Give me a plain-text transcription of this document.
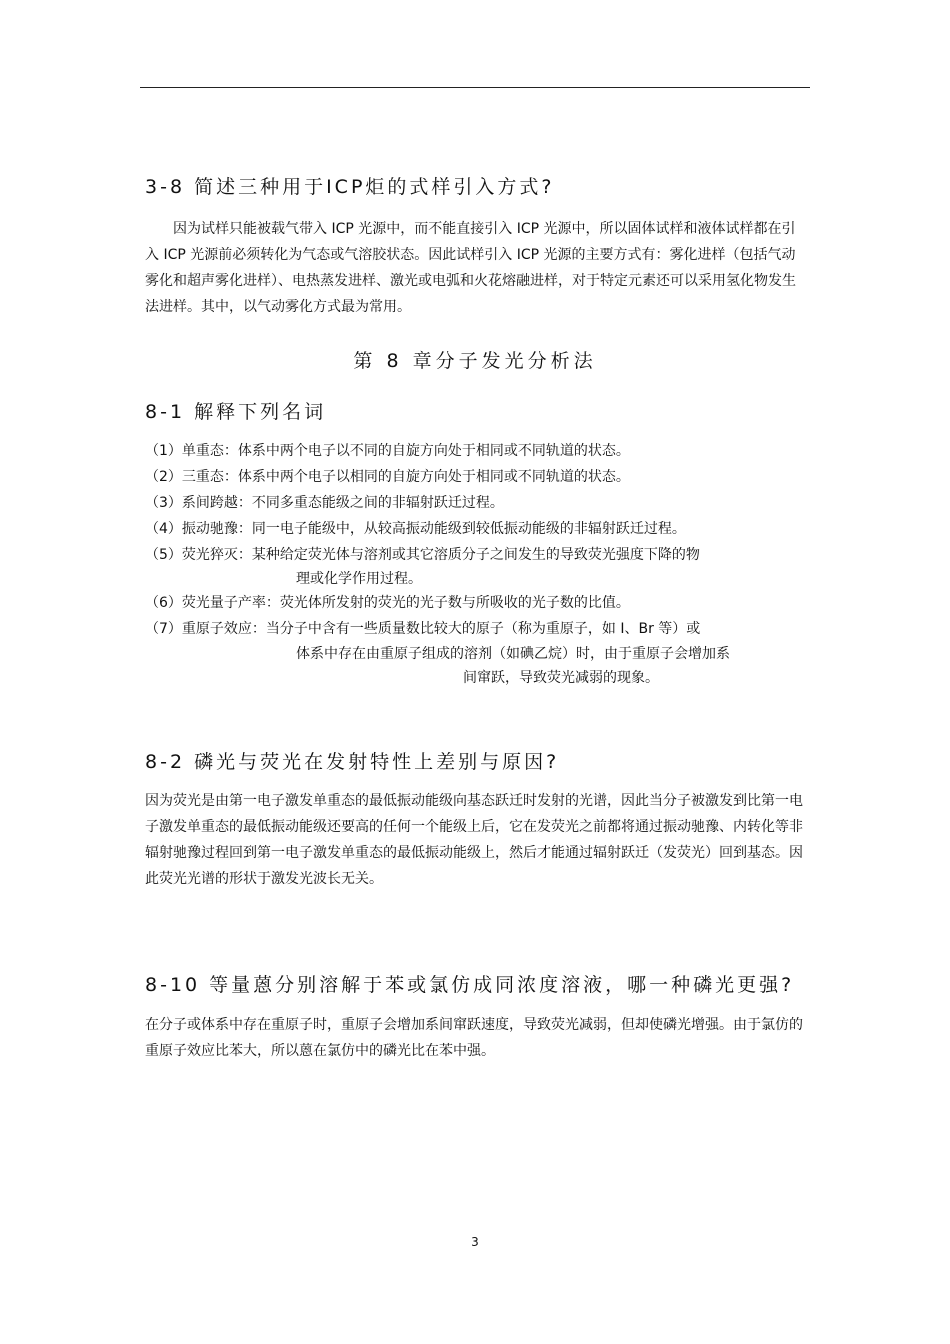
3-8 简述三种用于ICP炬的式样引入方式?
因为试样只能被载气带入 ICP 光源中，而不能直接引入 ICP 光源中，所以固体试样和液体试样都在引入 ICP 光源前必须转化为气态或气溶胶状态。因此试样引入 ICP 光源的主要方式有：雾化进样（包括气动雾化和超声雾化进样）、电热蒸发进样、激光或电弧和火花熔融进样，对于特定元素还可以采用氢化物发生法进样。其中，以气动雾化方式最为常用。
第 8 章分子发光分析法
8-1 解释下列名词
（1）单重态：体系中两个电子以不同的自旋方向处于相同或不同轨道的状态。
（2）三重态：体系中两个电子以相同的自旋方向处于相同或不同轨道的状态。
（3）系间跨越：不同多重态能级之间的非辐射跃迁过程。
（4）振动驰豫：同一电子能级中，从较高振动能级到较低振动能级的非辐射跃迁过程。
（5）荧光猝灭：某种给定荧光体与溶剂或其它溶质分子之间发生的导致荧光强度下降的物
理或化学作用过程。
（6）荧光量子产率：荧光体所发射的荧光的光子数与所吸收的光子数的比值。
（7）重原子效应：当分子中含有一些质量数比较大的原子（称为重原子，如 I、Br 等）或
体系中存在由重原子组成的溶剂（如碘乙烷）时，由于重原子会增加系
间窜跃，导致荧光减弱的现象。
8-2 磷光与荧光在发射特性上差别与原因?
因为荧光是由第一电子激发单重态的最低振动能级向基态跃迁时发射的光谱，因此当分子被激发到比第一电子激发单重态的最低振动能级还要高的任何一个能级上后，它在发荧光之前都将通过振动驰豫、内转化等非辐射驰豫过程回到第一电子激发单重态的最低振动能级上，然后才能通过辐射跃迁（发荧光）回到基态。因此荧光光谱的形状于激发光波长无关。
8-10 等量蒽分别溶解于苯或氯仿成同浓度溶液，哪一种磷光更强?
在分子或体系中存在重原子时，重原子会增加系间窜跃速度，导致荧光减弱，但却使磷光增强。由于氯仿的重原子效应比苯大，所以蒽在氯仿中的磷光比在苯中强。
3
